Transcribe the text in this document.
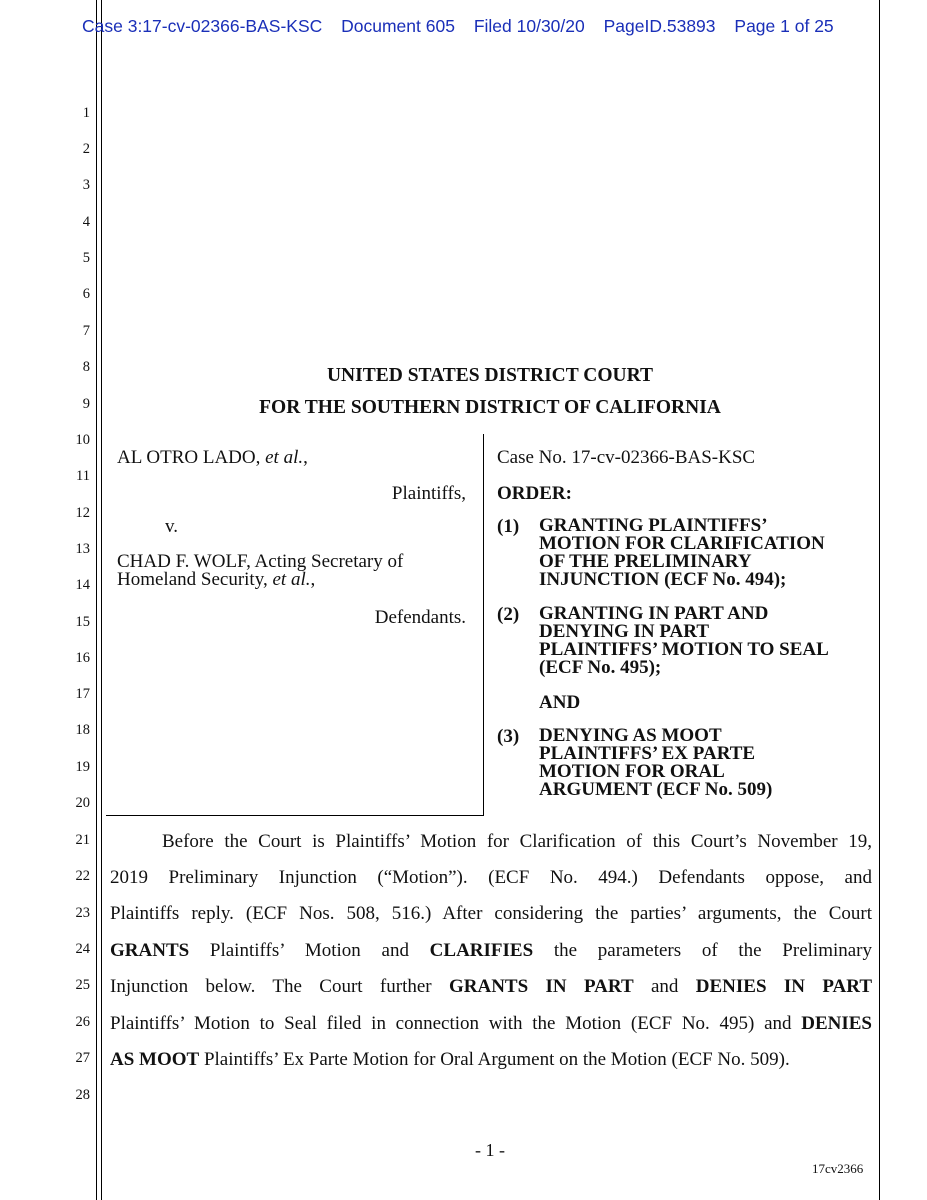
Case 3:17-cv-02366-BAS-KSC Document 605 Filed 10/30/20 PageID.53893 Page 1 of 25
1
2
3
4
5
6
7
8
9
10
11
12
13
14
15
16
17
18
19
20
21
22
23
24
25
26
27
28
UNITED STATES DISTRICT COURT
FOR THE SOUTHERN DISTRICT OF CALIFORNIA
AL OTRO LADO, et al.,
Plaintiffs,
v.
CHAD F. WOLF, Acting Secretary of
Homeland Security, et al.,
Defendants.
Case No. 17-cv-02366-BAS-KSC
ORDER:
(1) GRANTING PLAINTIFFS’
MOTION FOR CLARIFICATION
OF THE PRELIMINARY
INJUNCTION (ECF No. 494);
(2) GRANTING IN PART AND
DENYING IN PART
PLAINTIFFS’ MOTION TO SEAL
(ECF No. 495);
AND
(3) DENYING AS MOOT
PLAINTIFFS’ EX PARTE
MOTION FOR ORAL
ARGUMENT (ECF No. 509)
Before the Court is Plaintiffs’ Motion for Clarification of this Court’s November 19,
2019 Preliminary Injunction (“Motion”). (ECF No. 494.) Defendants oppose, and
Plaintiffs reply. (ECF Nos. 508, 516.) After considering the parties’ arguments, the Court
GRANTS Plaintiffs’ Motion and CLARIFIES the parameters of the Preliminary
Injunction below. The Court further GRANTS IN PART and DENIES IN PART
Plaintiffs’ Motion to Seal filed in connection with the Motion (ECF No. 495) and DENIES
AS MOOT Plaintiffs’ Ex Parte Motion for Oral Argument on the Motion (ECF No. 509).
- 1 -
17cv2366
